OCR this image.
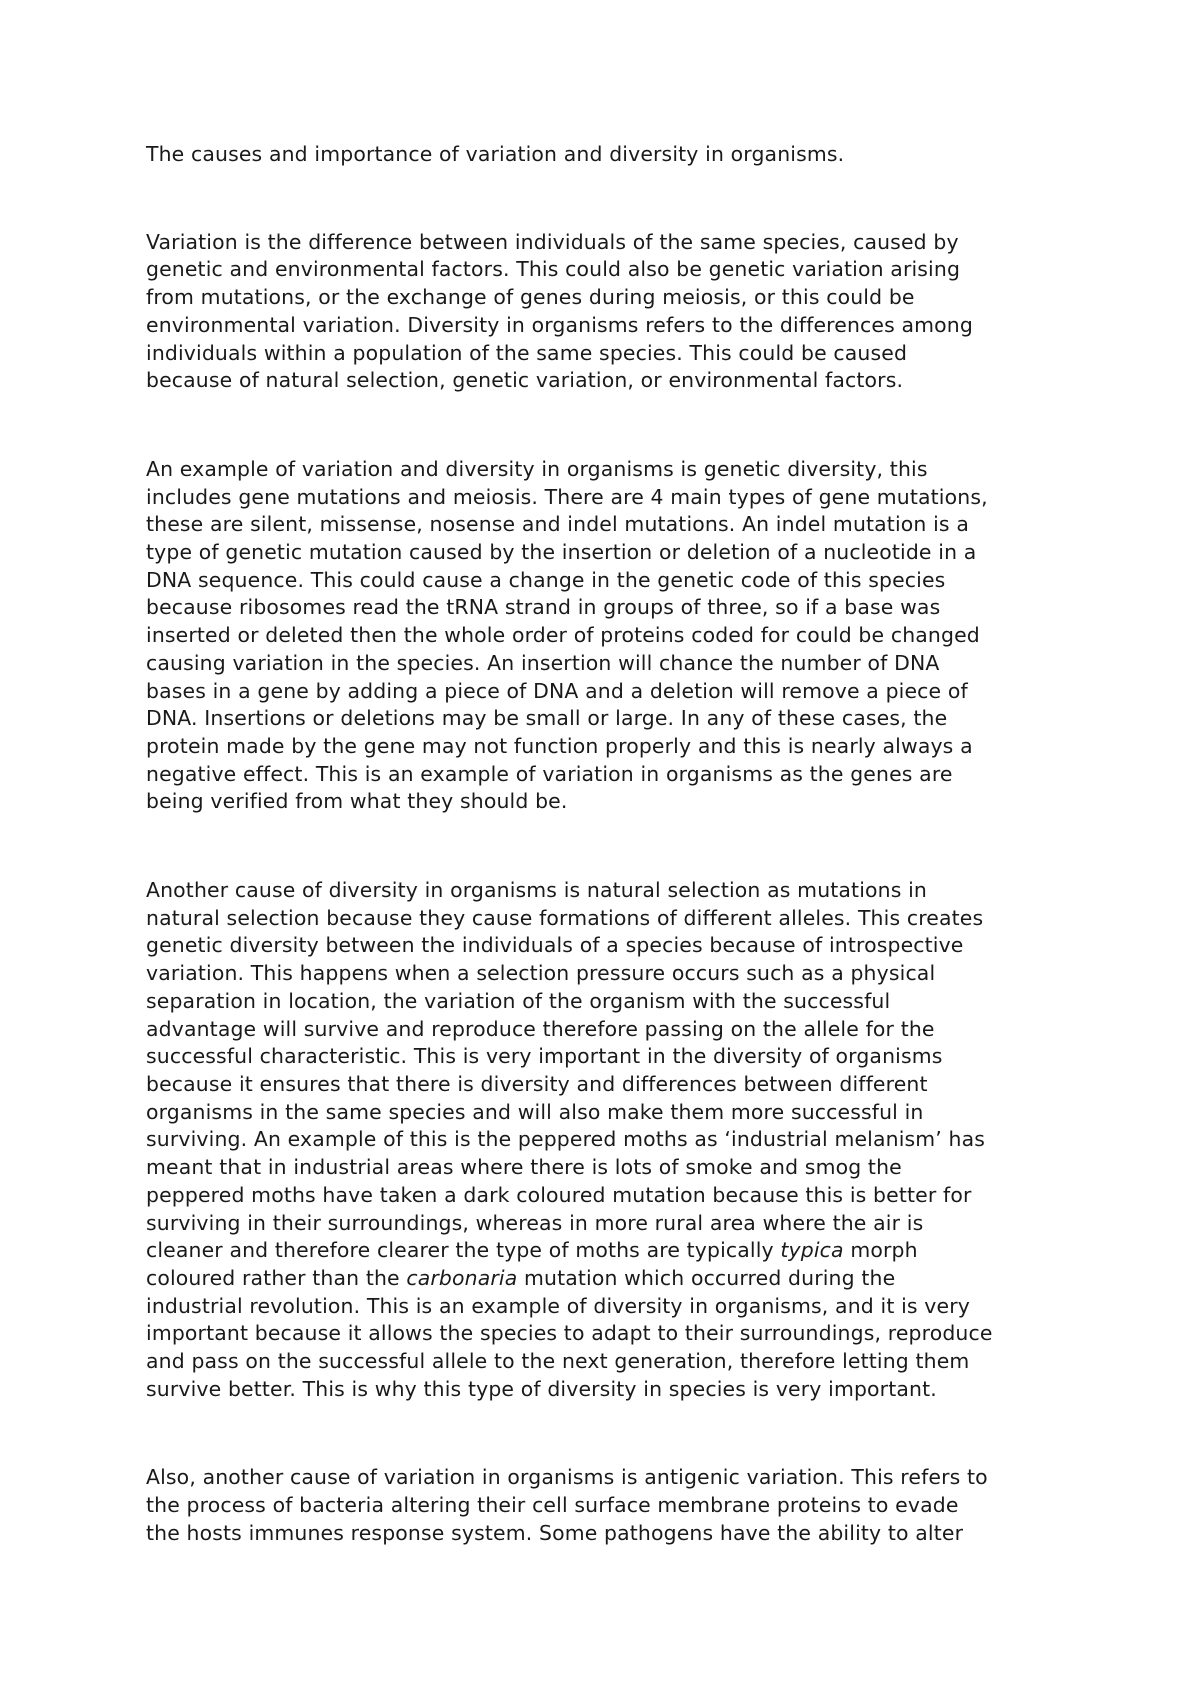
The causes and importance of variation and diversity in organisms.
Variation is the difference between individuals of the same species, caused by
genetic and environmental factors. This could also be genetic variation arising
from mutations, or the exchange of genes during meiosis, or this could be
environmental variation. Diversity in organisms refers to the differences among
individuals within a population of the same species. This could be caused
because of natural selection, genetic variation, or environmental factors.
An example of variation and diversity in organisms is genetic diversity, this
includes gene mutations and meiosis. There are 4 main types of gene mutations,
these are silent, missense, nosense and indel mutations. An indel mutation is a
type of genetic mutation caused by the insertion or deletion of a nucleotide in a
DNA sequence. This could cause a change in the genetic code of this species
because ribosomes read the tRNA strand in groups of three, so if a base was
inserted or deleted then the whole order of proteins coded for could be changed
causing variation in the species. An insertion will chance the number of DNA
bases in a gene by adding a piece of DNA and a deletion will remove a piece of
DNA. Insertions or deletions may be small or large. In any of these cases, the
protein made by the gene may not function properly and this is nearly always a
negative effect. This is an example of variation in organisms as the genes are
being verified from what they should be.
Another cause of diversity in organisms is natural selection as mutations in
natural selection because they cause formations of different alleles. This creates
genetic diversity between the individuals of a species because of introspective
variation. This happens when a selection pressure occurs such as a physical
separation in location, the variation of the organism with the successful
advantage will survive and reproduce therefore passing on the allele for the
successful characteristic. This is very important in the diversity of organisms
because it ensures that there is diversity and differences between different
organisms in the same species and will also make them more successful in
surviving. An example of this is the peppered moths as ‘industrial melanism’ has
meant that in industrial areas where there is lots of smoke and smog the
peppered moths have taken a dark coloured mutation because this is better for
surviving in their surroundings, whereas in more rural area where the air is
cleaner and therefore clearer the type of moths are typically typica morph
coloured rather than the carbonaria mutation which occurred during the
industrial revolution. This is an example of diversity in organisms, and it is very
important because it allows the species to adapt to their surroundings, reproduce
and pass on the successful allele to the next generation, therefore letting them
survive better. This is why this type of diversity in species is very important.
Also, another cause of variation in organisms is antigenic variation. This refers to
the process of bacteria altering their cell surface membrane proteins to evade
the hosts immunes response system. Some pathogens have the ability to alter
